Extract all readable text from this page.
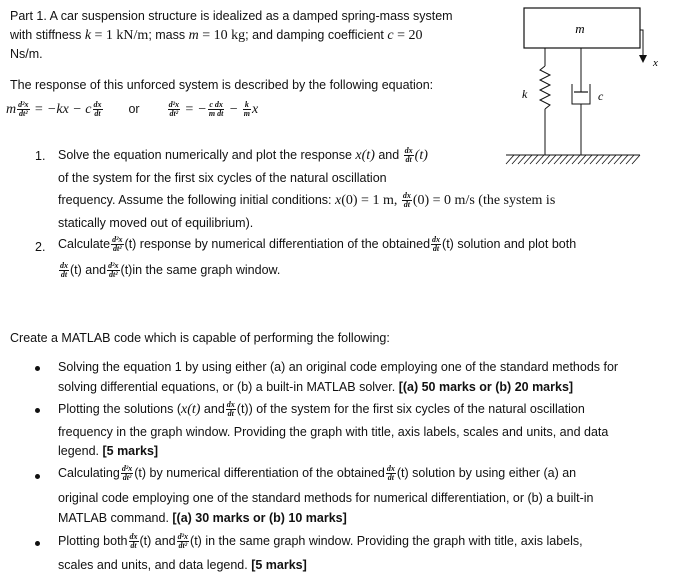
Part 1. A car suspension structure is idealized as a damped spring-mass system
with stiffness k = 1 kN/m; mass m = 10 kg; and damping coefficient c = 20
Ns/m.
The response of this unforced system is described by the following equation:
m $\frac{\text{d²x}}{\text{dt²}} = -kx - c \frac{dx}{dt}$ or	$\frac{\text{d²x}}{\text{dt²}}$ = − $\frac{\text{c dx}}{\text{m dt}} - \frac{k}{m}$ x
m
x
k	c
1. Solve the equation numerically and plot the response x(t) and $\frac{dx}{dt} (t)$
of the system for the first six cycles of the natural oscillation
frequency. Assume the following initial conditions: x(0) = 1 m, $\frac{dx}{dt} (0) = 0$ m/s (the system is
statically moved out of equilibrium).
2. Calculate $\frac{\text{d²x}}{\text{dt²}} (t)$ response by numerical differentiation of the obtained $\frac{dx}{dt} (t)$ solution and plot both
$\frac{dx}{dt} (t)$ and $\frac{\text{d²x}}{\text{dt²}} (t)in$ the same graph window.
Create a MATLAB code which is capable of performing the following:
Solving the equation 1 by using either (a) an original code employing one of the standard methods for
solving differential equations, or (b) a built-in MATLAB solver. [(a) 50 marks or (b) 20 marks]
Plotting the solutions (x(t) and $\frac{dx}{dt} (t)$) of the system for the first six cycles of the natural oscillation
frequency in the graph window. Providing the graph with title, axis labels, scales and units, and data
legend. [5 marks]
Calculating $\frac{\text{d²x}}{\text{dt²}} (t)$ by numerical differentiation of the obtained $\frac{dx}{dt} (t)$ solution by using either (a) an
original code employing one of the standard methods for numerical differentiation, or (b) a built-in
MATLAB command. [(a) 30 marks or (b) 10 marks]
Plotting both $\frac{dx}{dt} (t)$ and $\frac{\text{d²x}}{\text{dt²}} (t)$ in the same graph window. Providing the graph with title, axis labels,
scales and units, and data legend. [5 marks]
